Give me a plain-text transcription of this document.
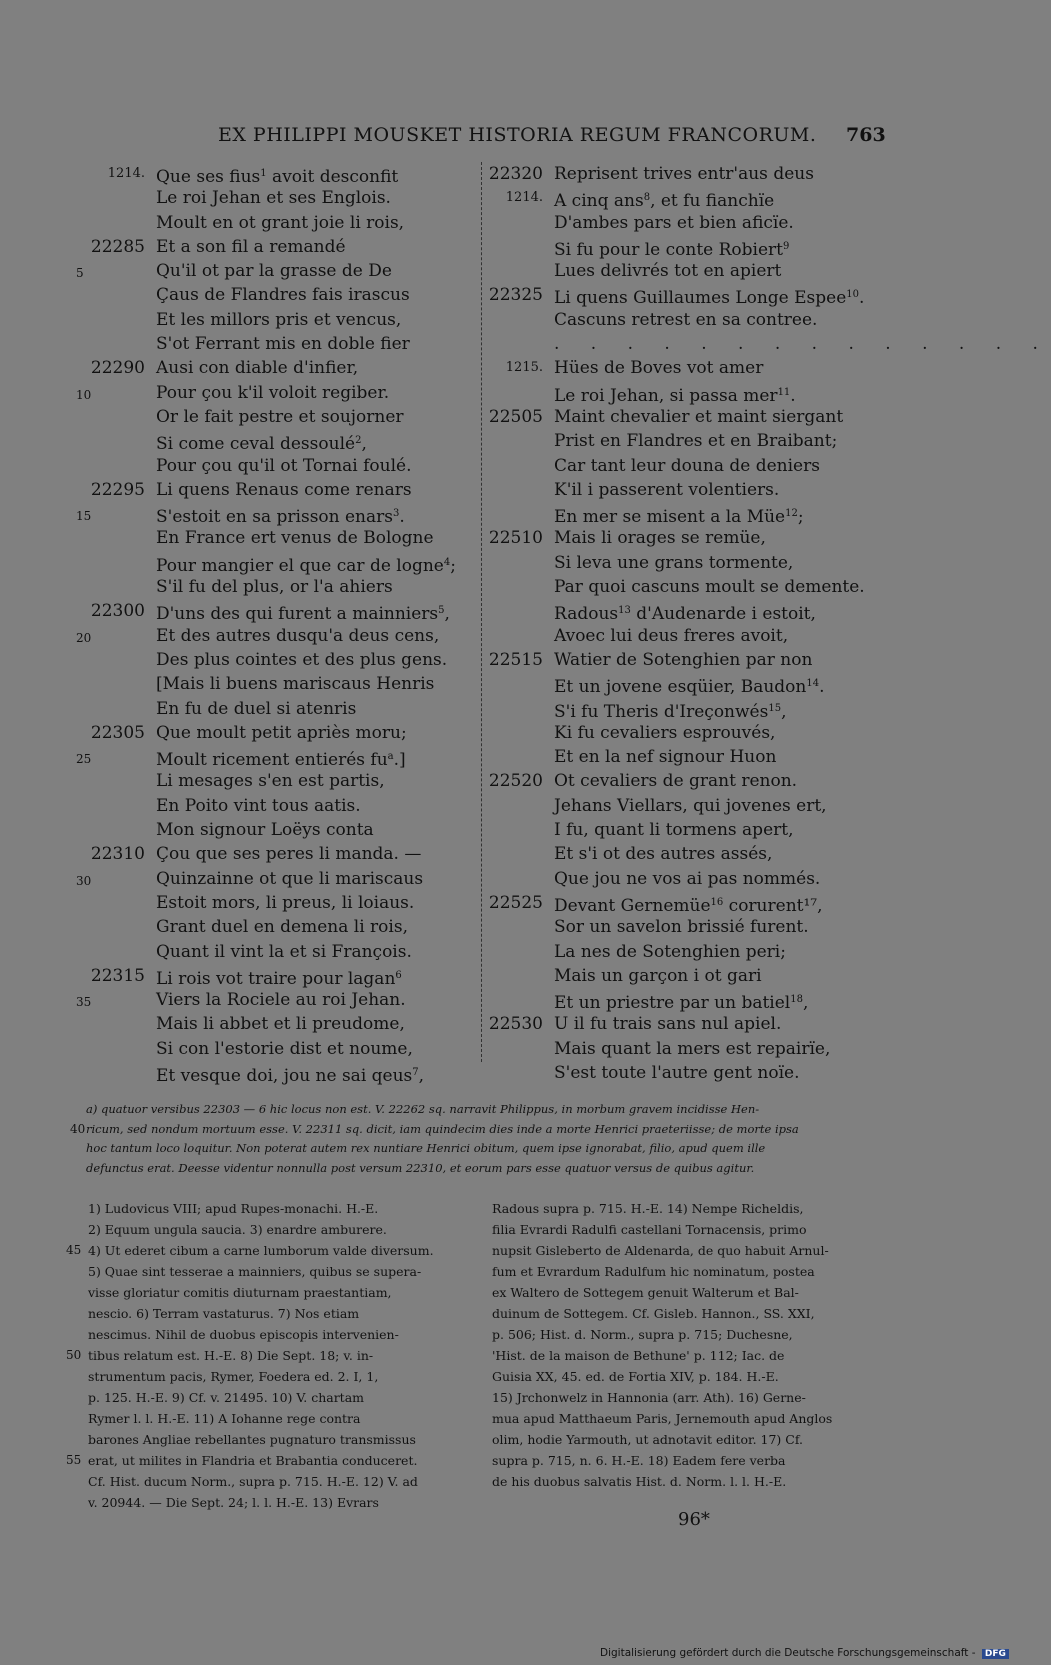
EX PHILIPPI MOUSKET HISTORIA REGUM FRANCORUM. 763
1214. Que ses fius$^1$ avoit desconfit
Le roi Jehan et ses Englois.
Moult en ot grant joie li rois,
22285 Et a son fil a remandé
5	Qu'il ot par la grasse de De
Çaus de Flandres fais irascus
Et les millors pris et vencus,
S'ot Ferrant mis en doble fier
22290 Ausi con diable d'infier,
10	Pour çou k'il voloit regiber.
Or le fait pestre et soujorner
Si come ceval dessoulé$^2$,
Pour çou qu'il ot Tornai foulé.
22295 Li quens Renaus come renars
15	S'estoit en sa prisson enars$^3$.
En France ert venus de Bologne
Pour mangier el que car de logne$^4$;
S'il fu del plus, or l'a ahiers
22300 D'uns des qui furent a mainniers$^5$,
20	Et des autres dusqu'a deus cens,
Des plus cointes et des plus gens.
[Mais li buens mariscaus Henris
En fu de duel si atenris
22305 Que moult petit apriès moru;
25	Moult ricement entierés $fu^a$.]
Li mesages s'en est partis,
En Poito vint tous aatis.
Mon signour Loëys conta
22310 Çou que ses peres li manda. —
30	Quinzainne ot que li mariscaus
Estoit mors, li preus, li loiaus.
Grant duel en demena li rois,
Quant il vint la et si François.
22315 Li rois vot traire pour lagan$^6$
35	Viers la Rociele au roi Jehan.
Mais li abbet et li preudome,
Si con l'estorie dist et noume,
Et vesque doi, jou ne sai qeus$^7$,
22320 Reprisent trives entr'aus deus
1214. A cinq ans$^8$, et fu fianchïe
D'ambes pars et bien aficïe.
Si fu pour le conte Robiert$^9$
Lues delivrés tot en apiert
22325 Li quens Guillaumes Longe Espee$^{10}$.
Cascuns retrest en sa contree.
. . . . . . . . . . . . . .
1215. Hües de Boves vot amer
Le roi Jehan, si passa mer$^{11}$.
22505 Maint chevalier et maint siergant
Prist en Flandres et en Braibant;
Car tant leur douna de deniers
K'il i passerent volentiers.
En mer se misent a la Müe$^{12}$;
22510 Mais li orages se remüe,
Si leva une grans tormente,
Par quoi cascuns moult se demente.
Radous$^{13}$ d'Audenarde i estoit,
Avoec lui deus freres avoit,
22515 Watier de Sotenghien par non
Et un jovene esqüier, Baudon$^{14}$.
S'i fu Theris d'Ireçonwés$^{15}$,
Ki fu cevaliers esprouvés,
Et en la nef signour Huon
22520 Ot cevaliers de grant renon.
Jehans Viellars, qui jovenes ert,
I fu, quant li tormens apert,
Et s'i ot des autres assés,
Que jou ne vos ai pas nommés.
22525 Devant Gernemüe$^{16}$ corurent¹⁷,
Sor un savelon brissié furent.
La nes de Sotenghien peri;
Mais un garçon i ot gari
Et un priestre par un batiel$^{18}$,
22530 U il fu trais sans nul apiel.
Mais quant la mers est repairïe,
S'est toute l'autre gent noïe.
a) quatuor versibus 22303 — 6 hic locus non est. V. 22262 sq. narravit Philippus, in morbum gravem incidisse Hen-
40 ricum, sed nondum mortuum esse. V. 22311 sq. dicit, iam quindecim dies inde a morte Henrici praeteriisse; de morte ipsa
hoc tantum loco loquitur. Non poterat autem rex nuntiare Henrici obitum, quem ipse ignorabat, filio, apud quem ille
defunctus erat. Deesse videntur nonnulla post versum 22310, et eorum pars esse quatuor versus de quibus agitur.
1) Ludovicus VIII; apud Rupes-monachi. H.-E.
2) Equum ungula saucia. 3) enardre amburere.
45 4) Ut ederet cibum a carne lumborum valde diversum.
5) Quae sint tesserae a mainniers, quibus se supera-
visse gloriatur comitis diuturnam praestantiam,
nescio. 6) Terram vastaturus. 7) Nos etiam
nescimus. Nihil de duobus episcopis intervenien-
50 tibus relatum est. H.-E. 8) Die Sept. 18; v. in-
strumentum pacis, Rymer, Foedera ed. 2. I, 1,
p. 125. H.-E. 9) Cf. v. 21495. 10) V. chartam
Rymer l. l. H.-E. 11) A Iohanne rege contra
barones Angliae rebellantes pugnaturo transmissus
55 erat, ut milites in Flandria et Brabantia conduceret.
Cf. Hist. ducum Norm., supra p. 715. H.-E. 12) V. ad
v. 20944. — Die Sept. 24; l. l. H.-E. 13) Evrars
Radous supra p. 715. H.-E. 14) Nempe Richeldis,
filia Evrardi Radulfi castellani Tornacensis, primo
nupsit Gisleberto de Aldenarda, de quo habuit Arnul-
fum et Evrardum Radulfum hic nominatum, postea
ex Waltero de Sottegem genuit Walterum et Bal-
duinum de Sottegem. Cf. Gisleb. Hannon., SS. XXI,
p. 506; Hist. d. Norm., supra p. 715; Duchesne,
'Hist. de la maison de Bethune' p. 112; Iac. de
Guisia XX, 45. ed. de Fortia XIV, p. 184. H.-E.
15) Jrchonwelz in Hannonia (arr. Ath). 16) Gerne-
mua apud Matthaeum Paris, Jernemouth apud Anglos
olim, hodie Yarmouth, ut adnotavit editor. 17) Cf.
supra p. 715, n. 6. H.-E. 18) Eadem fere verba
de his duobus salvatis Hist. d. Norm. l. l. H.-E.
96*
Digitalisierung gefördert durch die Deutsche Forschungsgemeinschaft - DFG
